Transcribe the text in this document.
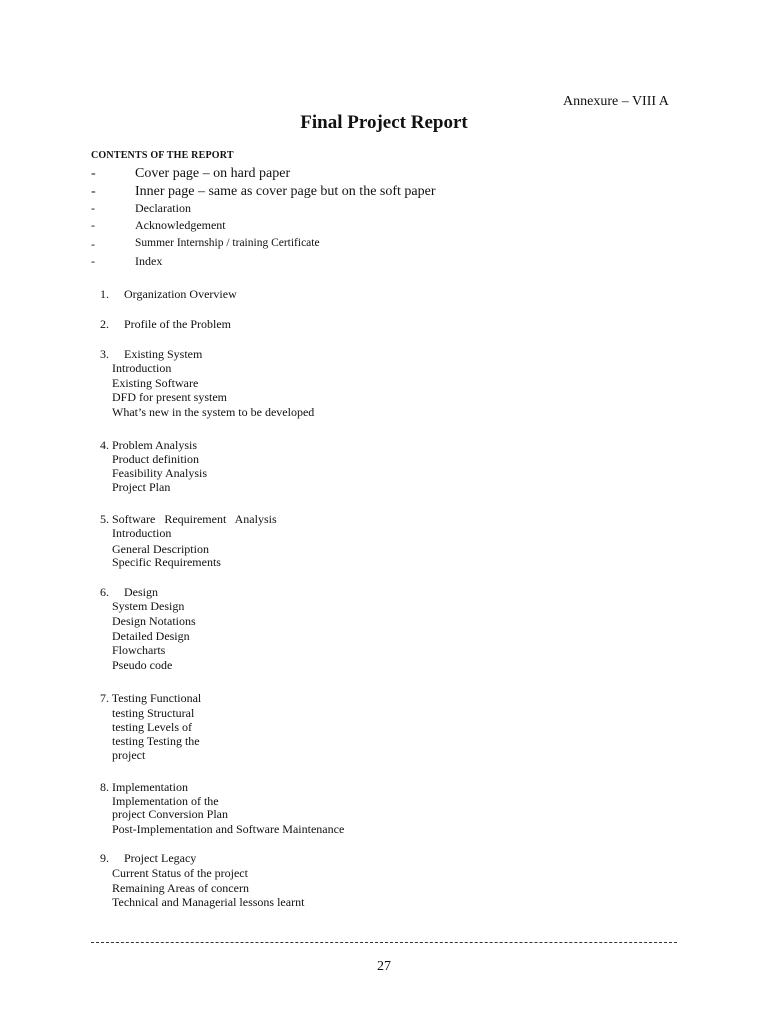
Annexure – VIII A
Final Project Report
CONTENTS OF THE REPORT
-	Cover page – on hard paper
-	Inner page – same as cover page but on the soft paper
-	Declaration
-	Acknowledgement
-	Summer Internship / training Certificate
-	Index
1. Organization Overview
2. Profile of the Problem
3. Existing System
Introduction
Existing Software
DFD for present system
What’s new in the system to be developed
4. Problem Analysis
Product definition
Feasibility Analysis
Project Plan
5. Software   Requirement   Analysis
Introduction
General Description
Specific Requirements
6. Design
System Design
Design Notations
Detailed Design
Flowcharts
Pseudo code
7. Testing Functional
testing Structural
testing Levels of
testing Testing the
project
8. Implementation
Implementation of the
project Conversion Plan
Post-Implementation and Software Maintenance
9. Project Legacy
Current Status of the project
Remaining Areas of concern
Technical and Managerial lessons learnt
27
